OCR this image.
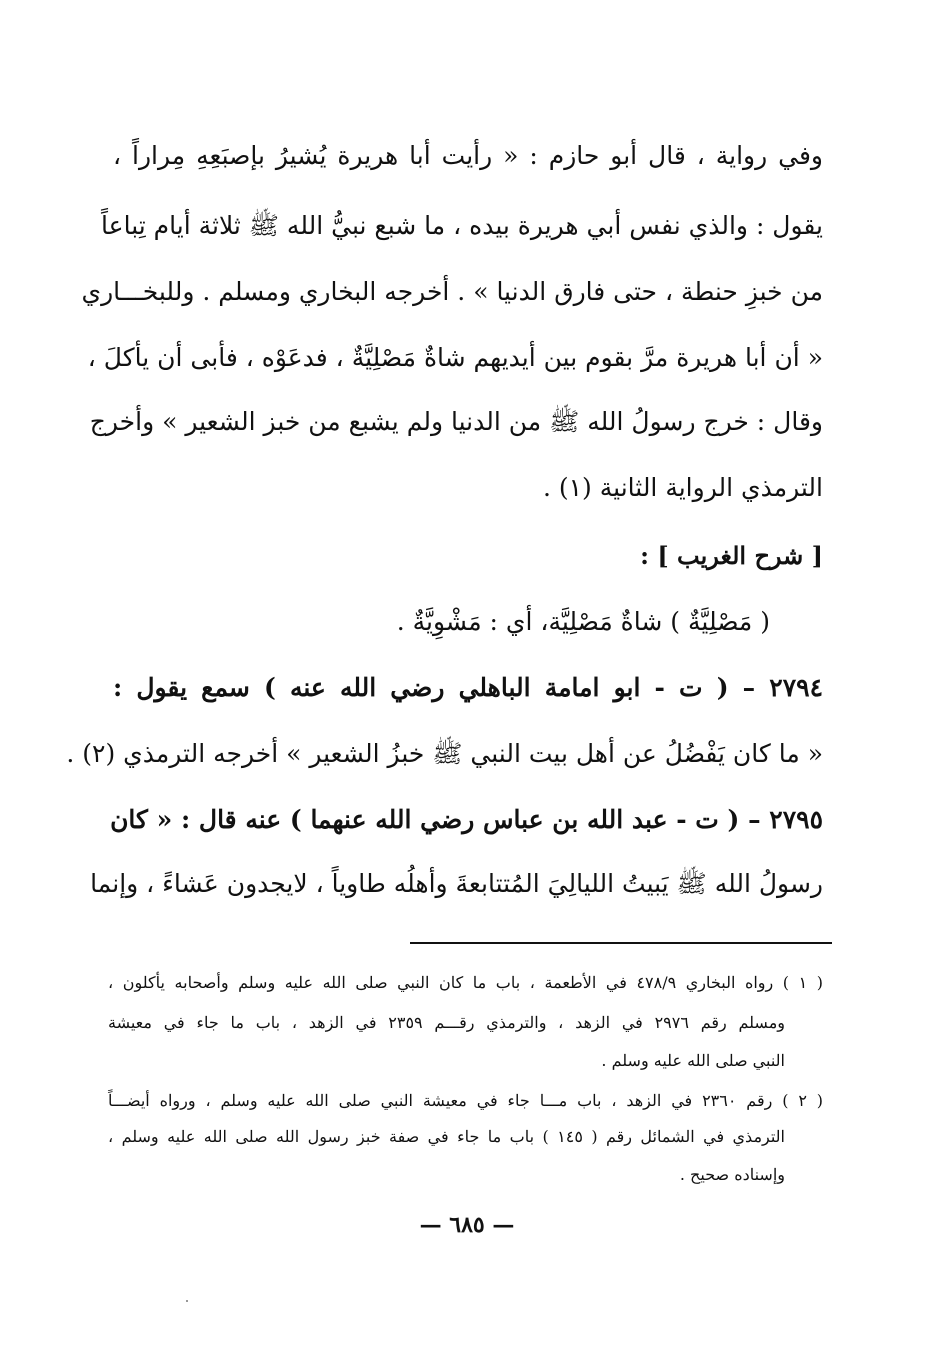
وفي رواية ، قال أبو حازم : « رأيت أبا هريرة يُشيرُ بإصبَعِهِ مِراراً ،
يقول : والذي نفس أبي هريرة بيده ، ما شبع نبيُّ الله ﷺ ثلاثة أيام تِباعاً
من خبزِ حنطة ، حتى فارق الدنيا » . أخرجه البخاري ومسلم . وللبخـــاري
« أن أبا هريرة مرَّ بقوم بين أيديهم شاةٌ مَصْلِيَّةٌ ، فدعَوْه ، فأبى أن يأكلَ ،
وقال : خرج رسولُ الله ﷺ من الدنيا ولم يشبع من خبز الشعير » وأخرج
الترمذي الرواية الثانية (١) .
[ شرح الغريب ] :
( مَصْلِيَّةٌ ) شاةٌ مَصْلِيَّة، أي : مَشْوِيَّةٌ .
٢٧٩٤ – ( ت - ابو امامة الباهلي رضي الله عنه ) سمع يقول :
« ما كان يَفْضُلُ عن أهل بيت النبي ﷺ خبزُ الشعير » أخرجه الترمذي (٢) .
٢٧٩٥ – ( ت - عبد الله بن عباس رضي الله عنهما ) عنه قال : « كان
رسولُ الله ﷺ يَبيتُ الليالِيَ المُتتابعةَ وأهلُه طاوياً ، لايجدون عَشاءً ، وإنما
( ١ ) رواه البخاري ٤٧٨/٩ في الأطعمة ، باب ما كان النبي صلى الله عليه وسلم وأصحابه يأكلون ،
ومسلم رقم ٢٩٧٦ في الزهد ، والترمذي رقـــم ٢٣٥٩ في الزهد ، باب ما جاء في معيشة
النبي صلى الله عليه وسلم .
( ٢ ) رقم ٢٣٦٠ في الزهد ، باب مـــا جاء في معيشة النبي صلى الله عليه وسلم ، ورواه أيضـــاً
الترمذي في الشمائل رقم ( ١٤٥ ) باب ما جاء في صفة خبز رسول الله صلى الله عليه وسلم ،
وإسناده صحيح .
— ٦٨٥ —
